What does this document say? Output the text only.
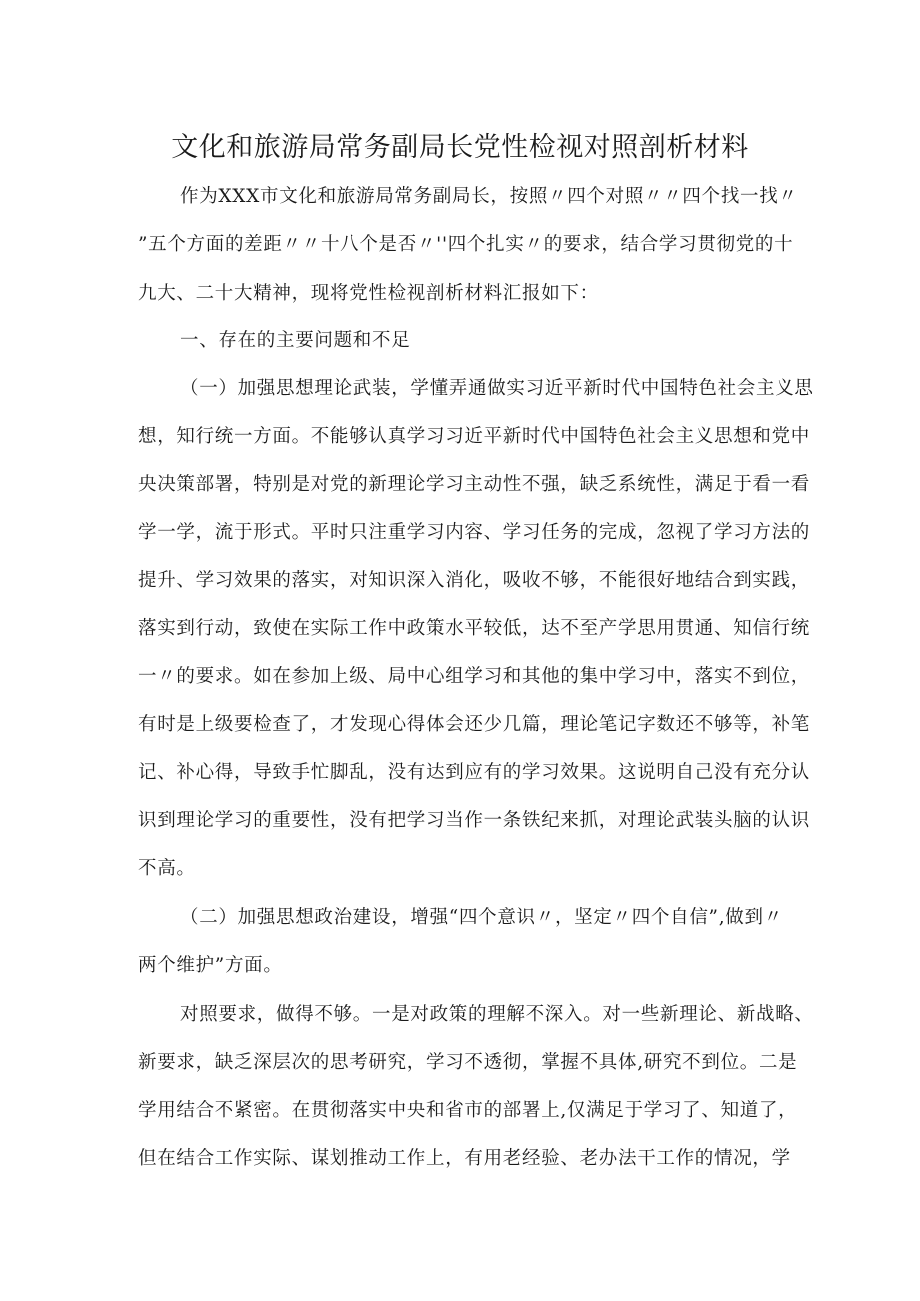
文化和旅游局常务副局长党性检视对照剖析材料
作为XXX市文化和旅游局常务副局长，按照〃四个对照〃〃四个找一找〃
”五个方面的差距〃〃十八个是否〃''四个扎实〃的要求，结合学习贯彻党的十
九大、二十大精神，现将党性检视剖析材料汇报如下：
一、存在的主要问题和不足
（一）加强思想理论武装，学懂弄通做实习近平新时代中国特色社会主义思
想，知行统一方面。不能够认真学习习近平新时代中国特色社会主义思想和党中
央决策部署，特别是对党的新理论学习主动性不强，缺乏系统性，满足于看一看
学一学，流于形式。平时只注重学习内容、学习任务的完成，忽视了学习方法的
提升、学习效果的落实，对知识深入消化，吸收不够，不能很好地结合到实践，
落实到行动，致使在实际工作中政策水平较低，达不至产学思用贯通、知信行统
一〃的要求。如在参加上级、局中心组学习和其他的集中学习中，落实不到位，
有时是上级要检查了，才发现心得体会还少几篇，理论笔记字数还不够等，补笔
记、补心得，导致手忙脚乱，没有达到应有的学习效果。这说明自己没有充分认
识到理论学习的重要性，没有把学习当作一条铁纪来抓，对理论武装头脑的认识
不高。
（二）加强思想政治建设，增强“四个意识〃，坚定〃四个自信”,做到〃
两个维护”方面。
对照要求，做得不够。一是对政策的理解不深入。对一些新理论、新战略、
新要求，缺乏深层次的思考研究，学习不透彻，掌握不具体,研究不到位。二是
学用结合不紧密。在贯彻落实中央和省市的部署上,仅满足于学习了、知道了，
但在结合工作实际、谋划推动工作上，有用老经验、老办法干工作的情况，学
